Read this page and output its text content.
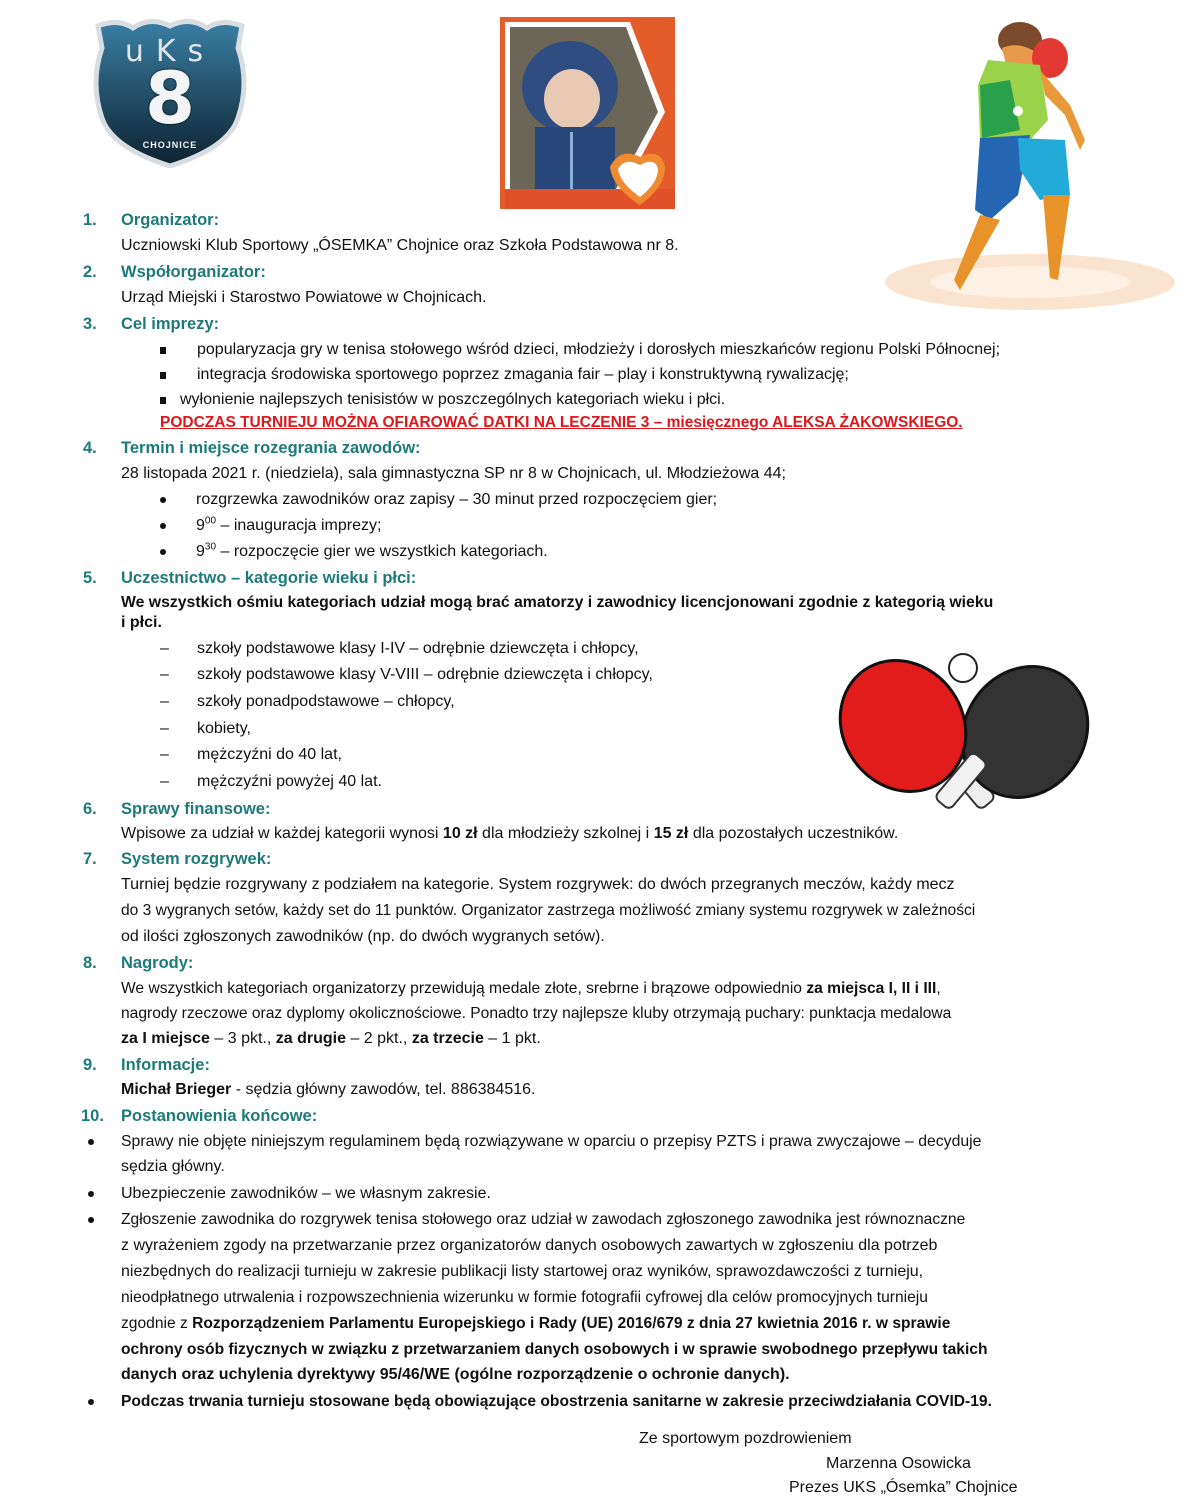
uKs
8
CHOJNICE
1. Organizator:
Uczniowski Klub Sportowy „ÓSEMKA” Chojnice oraz Szkoła Podstawowa nr 8.
2. Współorganizator:
Urząd Miejski i Starostwo Powiatowe w Chojnicach.
3. Cel imprezy:
popularyzacja gry w tenisa stołowego wśród dzieci, młodzieży i dorosłych mieszkańców regionu Polski Północnej;
integracja środowiska sportowego poprzez zmagania fair – play i konstruktywną rywalizację;
wyłonienie najlepszych tenisistów w poszczególnych kategoriach wieku i płci.
PODCZAS TURNIEJU MOŻNA OFIAROWAĆ DATKI NA LECZENIE 3 – miesięcznego ALEKSA ŻAKOWSKIEGO.
4. Termin i miejsce rozegrania zawodów:
28 listopada 2021 r. (niedziela), sala gimnastyczna SP nr 8 w Chojnicach, ul. Młodzieżowa 44;
rozgrzewka zawodników oraz zapisy – 30 minut przed rozpoczęciem gier;
$9^{00}$ – inauguracja imprezy;
$9^{30}$ – rozpoczęcie gier we wszystkich kategoriach.
5. Uczestnictwo – kategorie wieku i płci:
We wszystkich ośmiu kategoriach udział mogą brać amatorzy i zawodnicy licencjonowani zgodnie z kategorią wieku
i płci.
– szkoły podstawowe klasy I-IV – odrębnie dziewczęta i chłopcy,
– szkoły podstawowe klasy V-VIII – odrębnie dziewczęta i chłopcy,
– szkoły ponadpodstawowe – chłopcy,
– kobiety,
– mężczyźni do 40 lat,
– mężczyźni powyżej 40 lat.
6. Sprawy finansowe:
Wpisowe za udział w każdej kategorii wynosi 10 zł dla młodzieży szkolnej i 15 zł dla pozostałych uczestników.
7. System rozgrywek:
Turniej będzie rozgrywany z podziałem na kategorie. System rozgrywek: do dwóch przegranych meczów, każdy mecz
do 3 wygranych setów, każdy set do 11 punktów. Organizator zastrzega możliwość zmiany systemu rozgrywek w zależności
od ilości zgłoszonych zawodników (np. do dwóch wygranych setów).
8. Nagrody:
We wszystkich kategoriach organizatorzy przewidują medale złote, srebrne i brązowe odpowiednio za miejsca I, II i III,
nagrody rzeczowe oraz dyplomy okolicznościowe. Ponadto trzy najlepsze kluby otrzymają puchary: punktacja medalowa
za I miejsce – 3 pkt., za drugie – 2 pkt., za trzecie – 1 pkt.
9. Informacje:
Michał Brieger - sędzia główny zawodów, tel. 886384516.
10. Postanowienia końcowe:
Sprawy nie objęte niniejszym regulaminem będą rozwiązywane w oparciu o przepisy PZTS i prawa zwyczajowe – decyduje
sędzia główny.
Ubezpieczenie zawodników – we własnym zakresie.
Zgłoszenie zawodnika do rozgrywek tenisa stołowego oraz udział w zawodach zgłoszonego zawodnika jest równoznaczne
z wyrażeniem zgody na przetwarzanie przez organizatorów danych osobowych zawartych w zgłoszeniu dla potrzeb
niezbędnych do realizacji turnieju w zakresie publikacji listy startowej oraz wyników, sprawozdawczości z turnieju,
nieodpłatnego utrwalenia i rozpowszechnienia wizerunku w formie fotografii cyfrowej dla celów promocyjnych turnieju
zgodnie z Rozporządzeniem Parlamentu Europejskiego i Rady (UE) 2016/679 z dnia 27 kwietnia 2016 r. w sprawie
ochrony osób fizycznych w związku z przetwarzaniem danych osobowych i w sprawie swobodnego przepływu takich
danych oraz uchylenia dyrektywy 95/46/WE (ogólne rozporządzenie o ochronie danych).
Podczas trwania turnieju stosowane będą obowiązujące obostrzenia sanitarne w zakresie przeciwdziałania COVID-19.
Ze sportowym pozdrowieniem
Marzenna Osowicka
Prezes UKS „Ósemka” Chojnice
